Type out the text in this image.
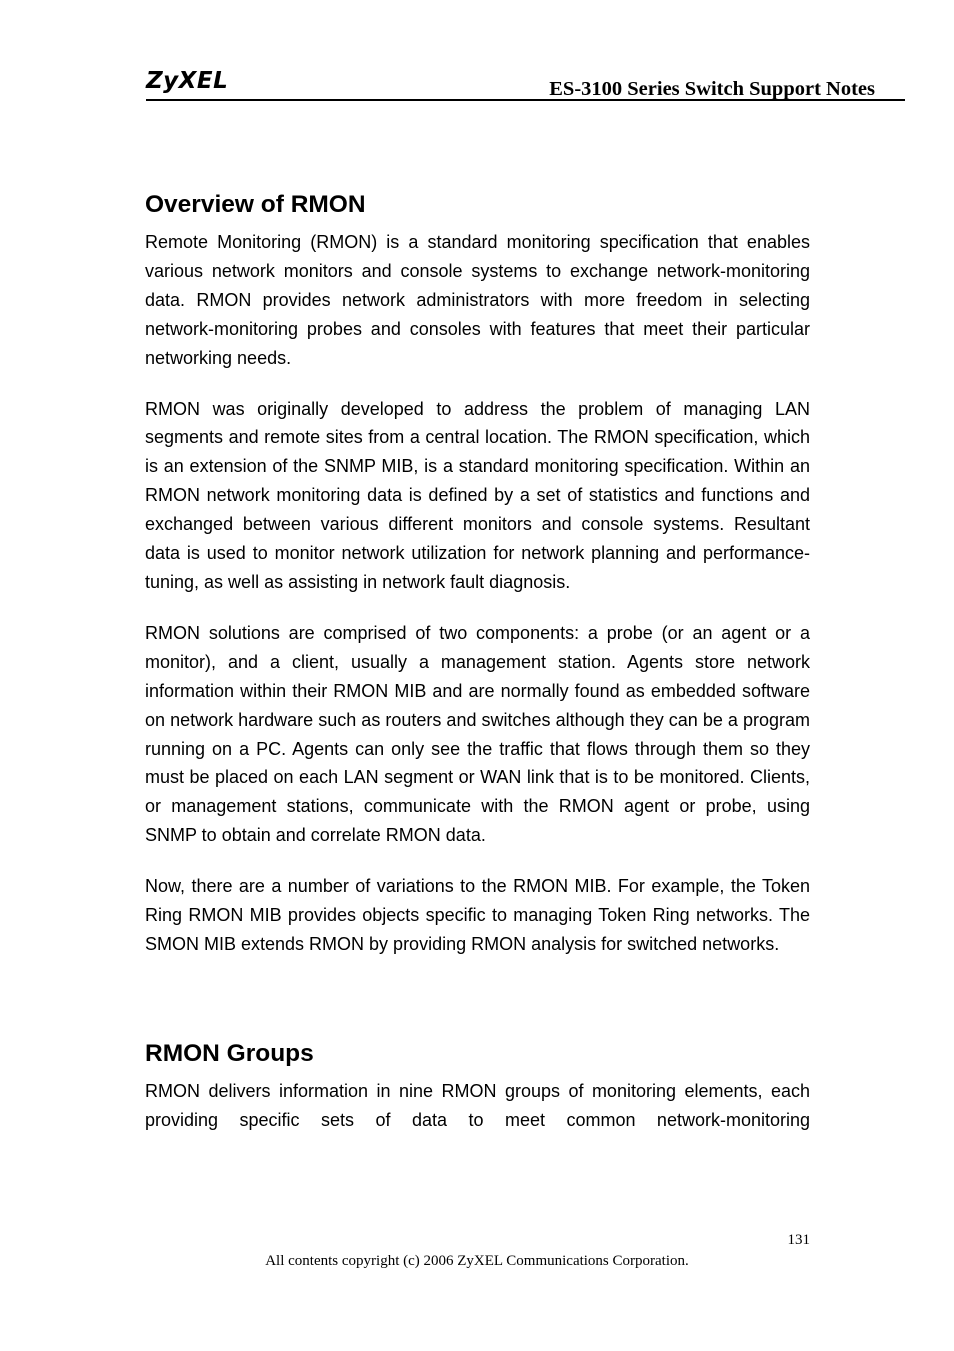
ZyXEL	ES-3100 Series Switch Support Notes
Overview of RMON

Remote Monitoring (RMON) is a standard monitoring specification that enables various network monitors and console systems to exchange network-monitoring data. RMON provides network administrators with more freedom in selecting network-monitoring probes and consoles with features that meet their particular networking needs.

RMON was originally developed to address the problem of managing LAN segments and remote sites from a central location. The RMON specification, which is an extension of the SNMP MIB, is a standard monitoring specification. Within an RMON network monitoring data is defined by a set of statistics and functions and exchanged between various different monitors and console systems. Resultant data is used to monitor network utilization for network planning and performance-tuning, as well as assisting in network fault diagnosis.

RMON solutions are comprised of two components: a probe (or an agent or a monitor), and a client, usually a management station. Agents store network information within their RMON MIB and are normally found as embedded software on network hardware such as routers and switches although they can be a program running on a PC. Agents can only see the traffic that flows through them so they must be placed on each LAN segment or WAN link that is to be monitored. Clients, or management stations, communicate with the RMON agent or probe, using SNMP to obtain and correlate RMON data.

Now, there are a number of variations to the RMON MIB. For example, the Token Ring RMON MIB provides objects specific to managing Token Ring networks. The SMON MIB extends RMON by providing RMON analysis for switched networks.

RMON Groups

RMON delivers information in nine RMON groups of monitoring elements, each providing specific sets of data to meet common network-monitoring

131
All contents copyright (c) 2006 ZyXEL Communications Corporation.
